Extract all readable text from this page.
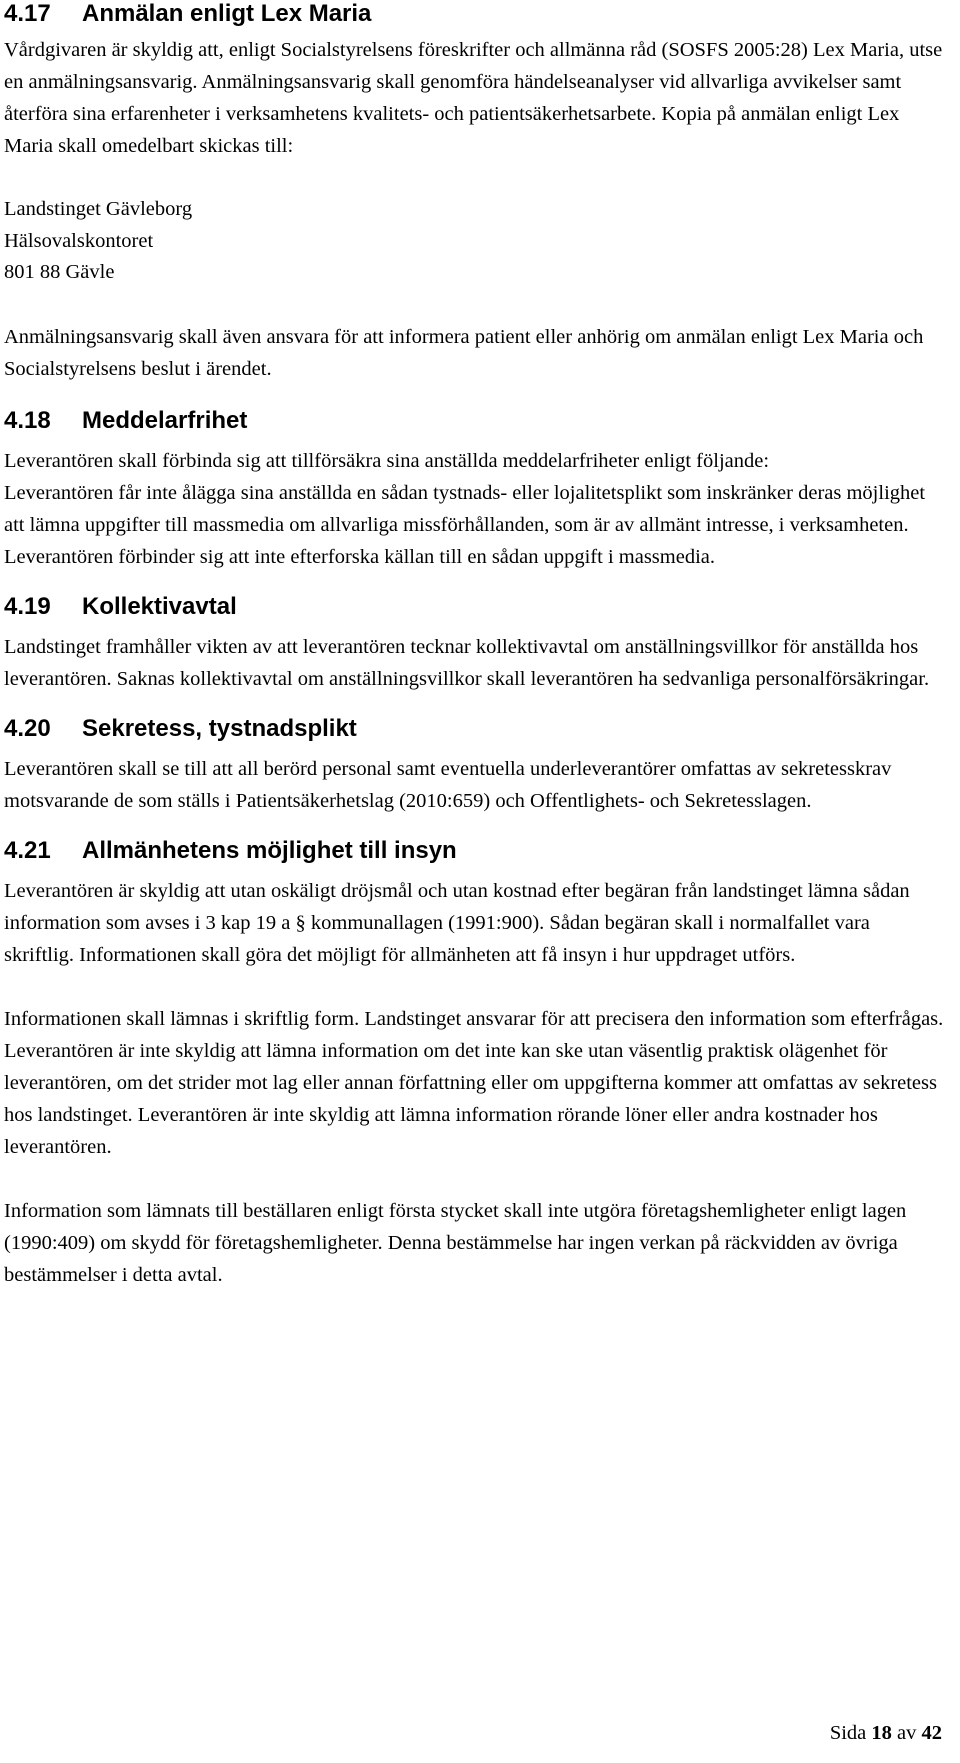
4.17 Anmälan enligt Lex Maria

Vårdgivaren är skyldig att, enligt Socialstyrelsens föreskrifter och allmänna råd (SOSFS 2005:28) Lex Maria, utse en anmälningsansvarig. Anmälningsansvarig skall genomföra händelseanalyser vid allvarliga avvikelser samt återföra sina erfarenheter i verksamhetens kvalitets- och patientsäkerhetsarbete. Kopia på anmälan enligt Lex Maria skall omedelbart skickas till:

Landstinget Gävleborg

Hälsovalskontoret

801 88 Gävle

Anmälningsansvarig skall även ansvara för att informera patient eller anhörig om anmälan enligt Lex Maria och Socialstyrelsens beslut i ärendet.

4.18 Meddelarfrihet

Leverantören skall förbinda sig att tillförsäkra sina anställda meddelarfriheter enligt följande:

Leverantören får inte ålägga sina anställda en sådan tystnads- eller lojalitetsplikt som inskränker deras möjlighet att lämna uppgifter till massmedia om allvarliga missförhållanden, som är av allmänt intresse, i verksamheten. Leverantören förbinder sig att inte efterforska källan till en sådan uppgift i massmedia.

4.19 Kollektivavtal

Landstinget framhåller vikten av att leverantören tecknar kollektivavtal om anställningsvillkor för anställda hos leverantören. Saknas kollektivavtal om anställningsvillkor skall leverantören ha sedvanliga personalförsäkringar.

4.20 Sekretess, tystnadsplikt

Leverantören skall se till att all berörd personal samt eventuella underleverantörer omfattas av sekretesskrav motsvarande de som ställs i Patientsäkerhetslag (2010:659) och Offentlighets- och Sekretesslagen.

4.21 Allmänhetens möjlighet till insyn

Leverantören är skyldig att utan oskäligt dröjsmål och utan kostnad efter begäran från landstinget lämna sådan information som avses i 3 kap 19 a § kommunallagen (1991:900). Sådan begäran skall i normalfallet vara skriftlig. Informationen skall göra det möjligt för allmänheten att få insyn i hur uppdraget utförs.

Informationen skall lämnas i skriftlig form. Landstinget ansvarar för att precisera den information som efterfrågas. Leverantören är inte skyldig att lämna information om det inte kan ske utan väsentlig praktisk olägenhet för leverantören, om det strider mot lag eller annan författning eller om uppgifterna kommer att omfattas av sekretess hos landstinget. Leverantören är inte skyldig att lämna information rörande löner eller andra kostnader hos leverantören.

Information som lämnats till beställaren enligt första stycket skall inte utgöra företagshemligheter enligt lagen (1990:409) om skydd för företagshemligheter. Denna bestämmelse har ingen verkan på räckvidden av övriga bestämmelser i detta avtal.

Sida 18 av 42
